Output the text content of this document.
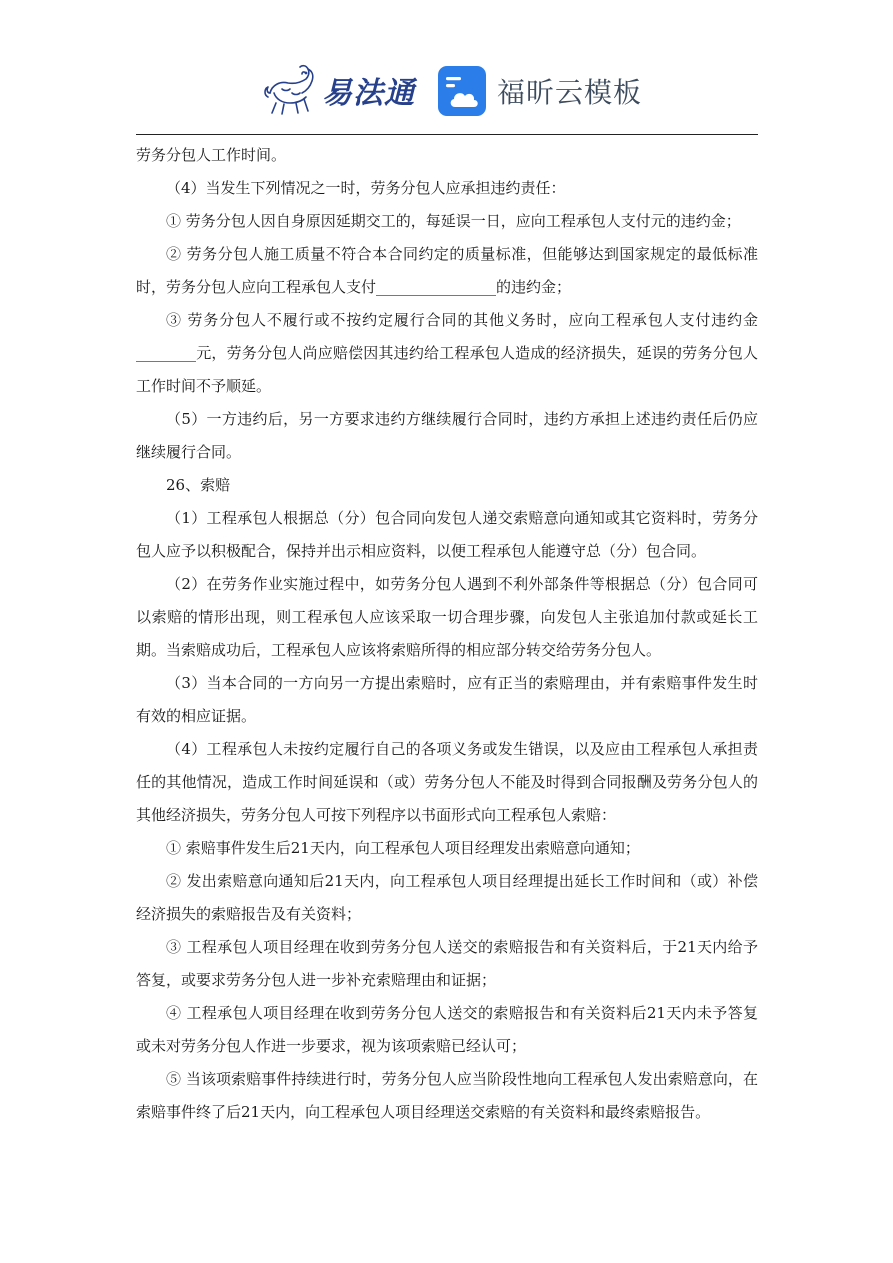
易法通	福昕云模板

劳务分包人工作时间。

（4）当发生下列情况之一时，劳务分包人应承担违约责任：

① 劳务分包人因自身原因延期交工的，每延误一日，应向工程承包人支付元的违约金；

② 劳务分包人施工质量不符合本合同约定的质量标准，但能够达到国家规定的最低标准时，劳务分包人应向工程承包人支付________________的违约金；

③ 劳务分包人不履行或不按约定履行合同的其他义务时，应向工程承包人支付违约金________元，劳务分包人尚应赔偿因其违约给工程承包人造成的经济损失，延误的劳务分包人工作时间不予顺延。

（5）一方违约后，另一方要求违约方继续履行合同时，违约方承担上述违约责任后仍应继续履行合同。

26、索赔

（1）工程承包人根据总（分）包合同向发包人递交索赔意向通知或其它资料时，劳务分包人应予以积极配合，保持并出示相应资料，以便工程承包人能遵守总（分）包合同。

（2）在劳务作业实施过程中，如劳务分包人遇到不利外部条件等根据总（分）包合同可以索赔的情形出现，则工程承包人应该采取一切合理步骤，向发包人主张追加付款或延长工期。当索赔成功后，工程承包人应该将索赔所得的相应部分转交给劳务分包人。

（3）当本合同的一方向另一方提出索赔时，应有正当的索赔理由，并有索赔事件发生时有效的相应证据。

（4）工程承包人未按约定履行自己的各项义务或发生错误，以及应由工程承包人承担责任的其他情况，造成工作时间延误和（或）劳务分包人不能及时得到合同报酬及劳务分包人的其他经济损失，劳务分包人可按下列程序以书面形式向工程承包人索赔：

① 索赔事件发生后21天内，向工程承包人项目经理发出索赔意向通知；

② 发出索赔意向通知后21天内，向工程承包人项目经理提出延长工作时间和（或）补偿经济损失的索赔报告及有关资料；

③ 工程承包人项目经理在收到劳务分包人送交的索赔报告和有关资料后，于21天内给予答复，或要求劳务分包人进一步补充索赔理由和证据；

④ 工程承包人项目经理在收到劳务分包人送交的索赔报告和有关资料后21天内未予答复或未对劳务分包人作进一步要求，视为该项索赔已经认可；

⑤ 当该项索赔事件持续进行时，劳务分包人应当阶段性地向工程承包人发出索赔意向，在索赔事件终了后21天内，向工程承包人项目经理送交索赔的有关资料和最终索赔报告。
